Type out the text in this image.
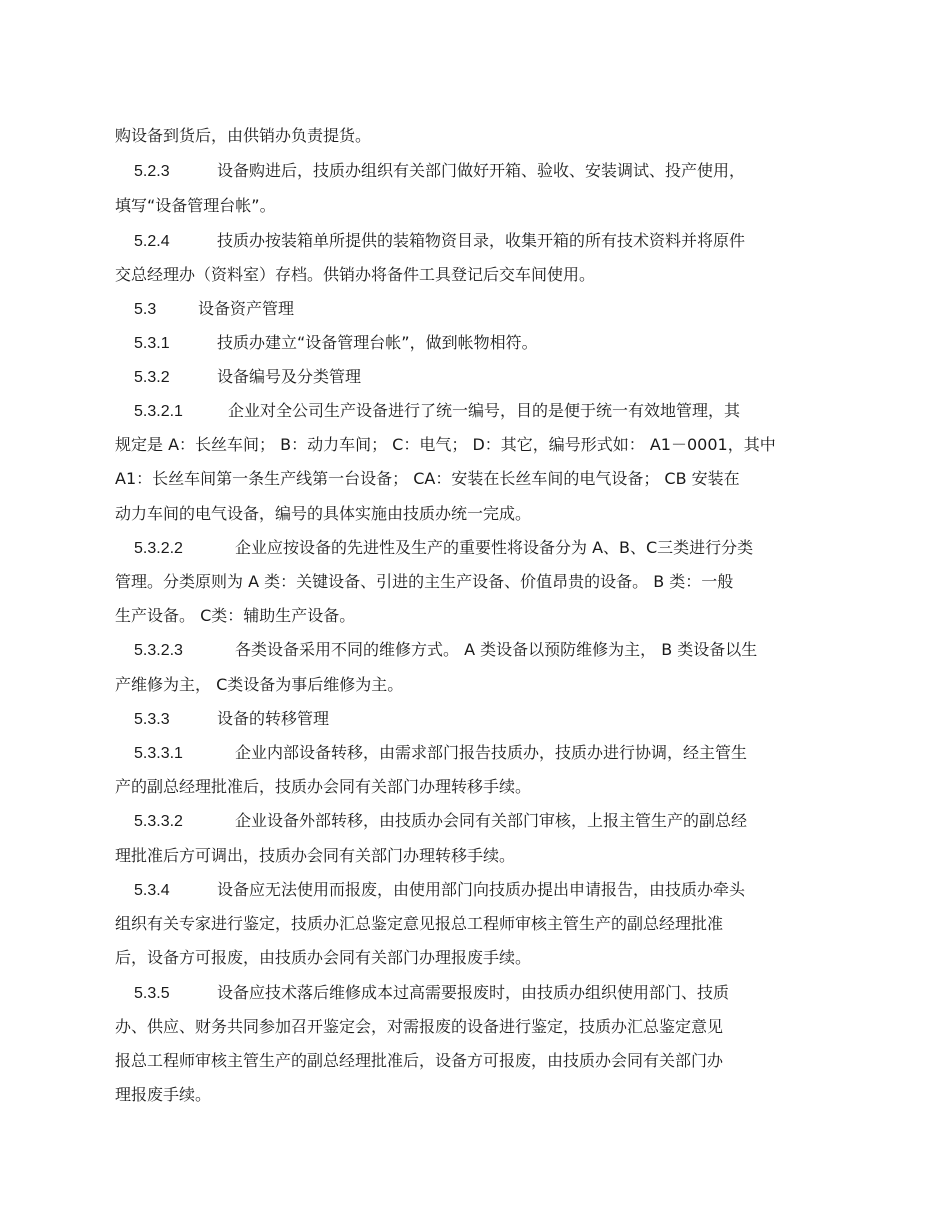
购设备到货后，由供销办负责提货。
5.2.3	设备购进后，技质办组织有关部门做好开箱、验收、安装调试、投产使用，
填写“设备管理台帐”。
5.2.4	技质办按装箱单所提供的装箱物资目录，收集开箱的所有技术资料并将原件
交总经理办（资料室）存档。供销办将备件工具登记后交车间使用。
5.3	设备资产管理
5.3.1	技质办建立“设备管理台帐”，做到帐物相符。
5.3.2	设备编号及分类管理
5.3.2.1	企业对全公司生产设备进行了统一编号，目的是便于统一有效地管理，其
规定是 A：长丝车间； B：动力车间； C：电气； D：其它，编号形式如： A1－0001，其中
A1：长丝车间第一条生产线第一台设备； CA：安装在长丝车间的电气设备； CB 安装在
动力车间的电气设备，编号的具体实施由技质办统一完成。
5.3.2.2	企业应按设备的先进性及生产的重要性将设备分为 A、B、C三类进行分类
管理。分类原则为 A 类：关键设备、引进的主生产设备、价值昂贵的设备。 B 类：一般
生产设备。 C类：辅助生产设备。
5.3.2.3	各类设备采用不同的维修方式。 A 类设备以预防维修为主， B 类设备以生
产维修为主， C类设备为事后维修为主。
5.3.3	设备的转移管理
5.3.3.1	企业内部设备转移，由需求部门报告技质办，技质办进行协调，经主管生
产的副总经理批准后，技质办会同有关部门办理转移手续。
5.3.3.2	企业设备外部转移，由技质办会同有关部门审核，上报主管生产的副总经
理批准后方可调出，技质办会同有关部门办理转移手续。
5.3.4	设备应无法使用而报废，由使用部门向技质办提出申请报告，由技质办牵头
组织有关专家进行鉴定，技质办汇总鉴定意见报总工程师审核主管生产的副总经理批准
后，设备方可报废，由技质办会同有关部门办理报废手续。
5.3.5	设备应技术落后维修成本过高需要报废时，由技质办组织使用部门、技质
办、供应、财务共同参加召开鉴定会，对需报废的设备进行鉴定，技质办汇总鉴定意见
报总工程师审核主管生产的副总经理批准后，设备方可报废，由技质办会同有关部门办
理报废手续。
